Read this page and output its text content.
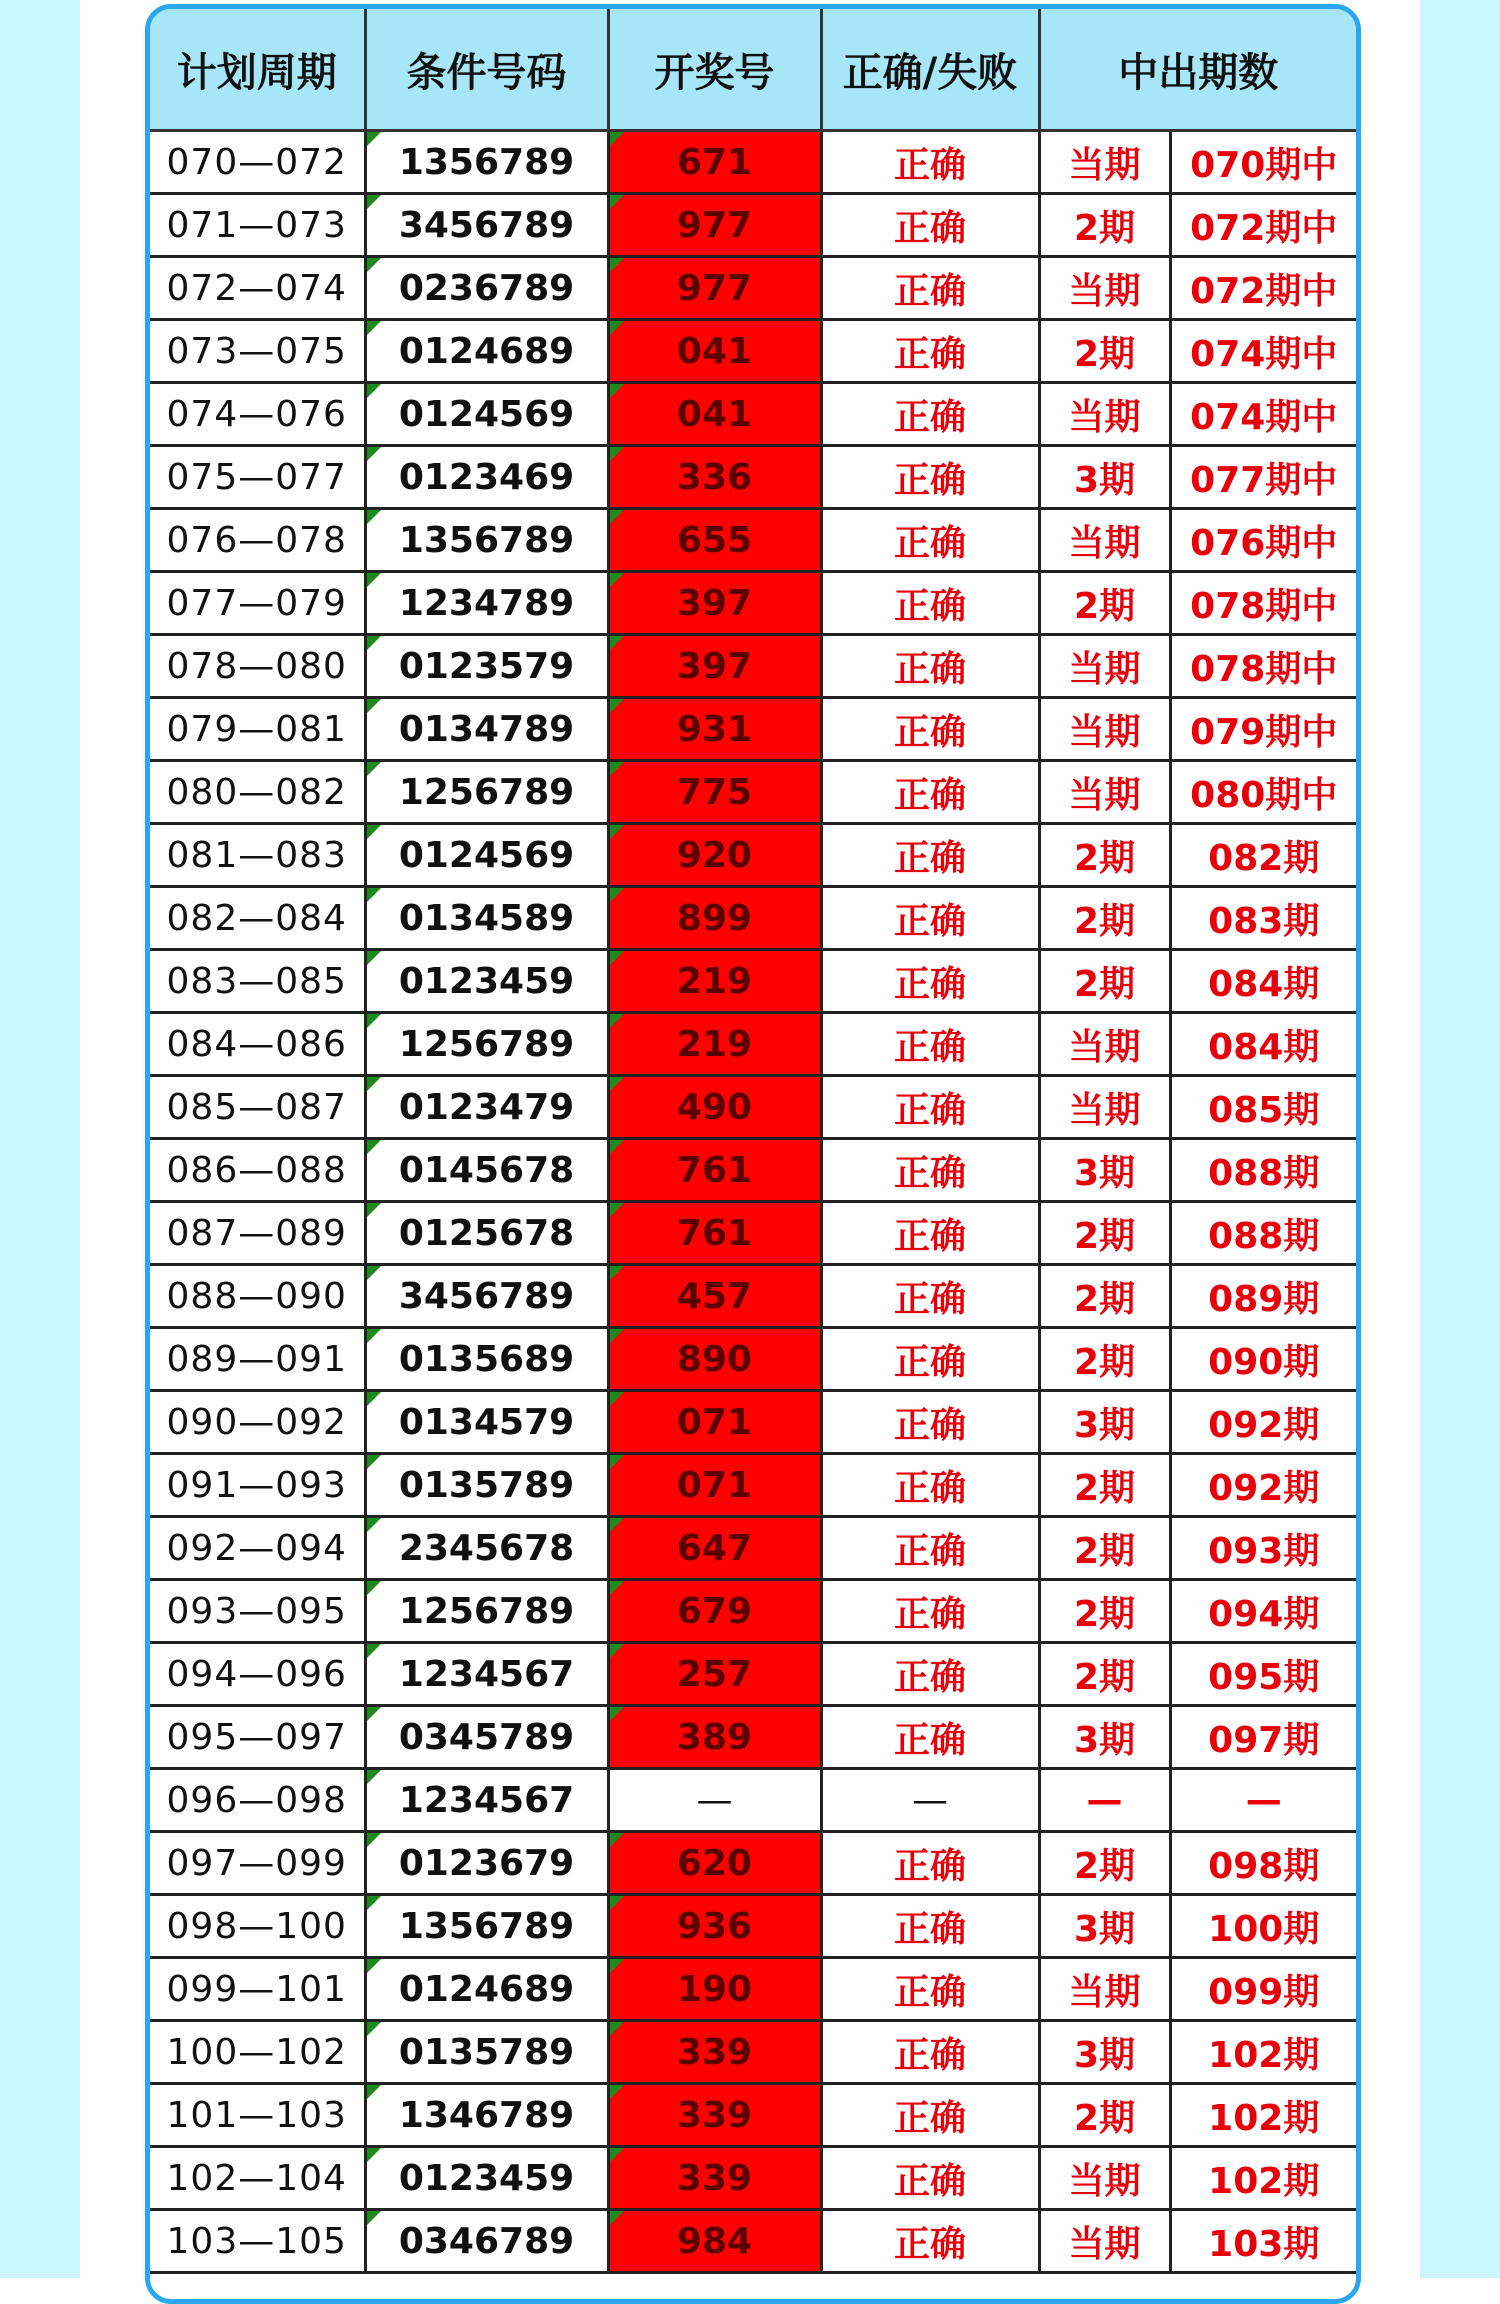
计划周期	条件号码	开奖号	正确/失败	中出期数	
070—072	1356789	671	正确	当期	070期中
071—073	3456789	977	正确	2期	072期中
072—074	0236789	977	正确	当期	072期中
073—075	0124689	041	正确	2期	074期中
074—076	0124569	041	正确	当期	074期中
075—077	0123469	336	正确	3期	077期中
076—078	1356789	655	正确	当期	076期中
077—079	1234789	397	正确	2期	078期中
078—080	0123579	397	正确	当期	078期中
079—081	0134789	931	正确	当期	079期中
080—082	1256789	775	正确	当期	080期中
081—083	0124569	920	正确	2期	082期
082—084	0134589	899	正确	2期	083期
083—085	0123459	219	正确	2期	084期
084—086	1256789	219	正确	当期	084期
085—087	0123479	490	正确	当期	085期
086—088	0145678	761	正确	3期	088期
087—089	0125678	761	正确	2期	088期
088—090	3456789	457	正确	2期	089期
089—091	0135689	890	正确	2期	090期
090—092	0134579	071	正确	3期	092期
091—093	0135789	071	正确	2期	092期
092—094	2345678	647	正确	2期	093期
093—095	1256789	679	正确	2期	094期
094—096	1234567	257	正确	2期	095期
095—097	0345789	389	正确	3期	097期
096—098	1234567	—	—	—	—
097—099	0123679	620	正确	2期	098期
098—100	1356789	936	正确	3期	100期
099—101	0124689	190	正确	当期	099期
100—102	0135789	339	正确	3期	102期
101—103	1346789	339	正确	2期	102期
102—104	0123459	339	正确	当期	102期
103—105	0346789	984	正确	当期	103期
